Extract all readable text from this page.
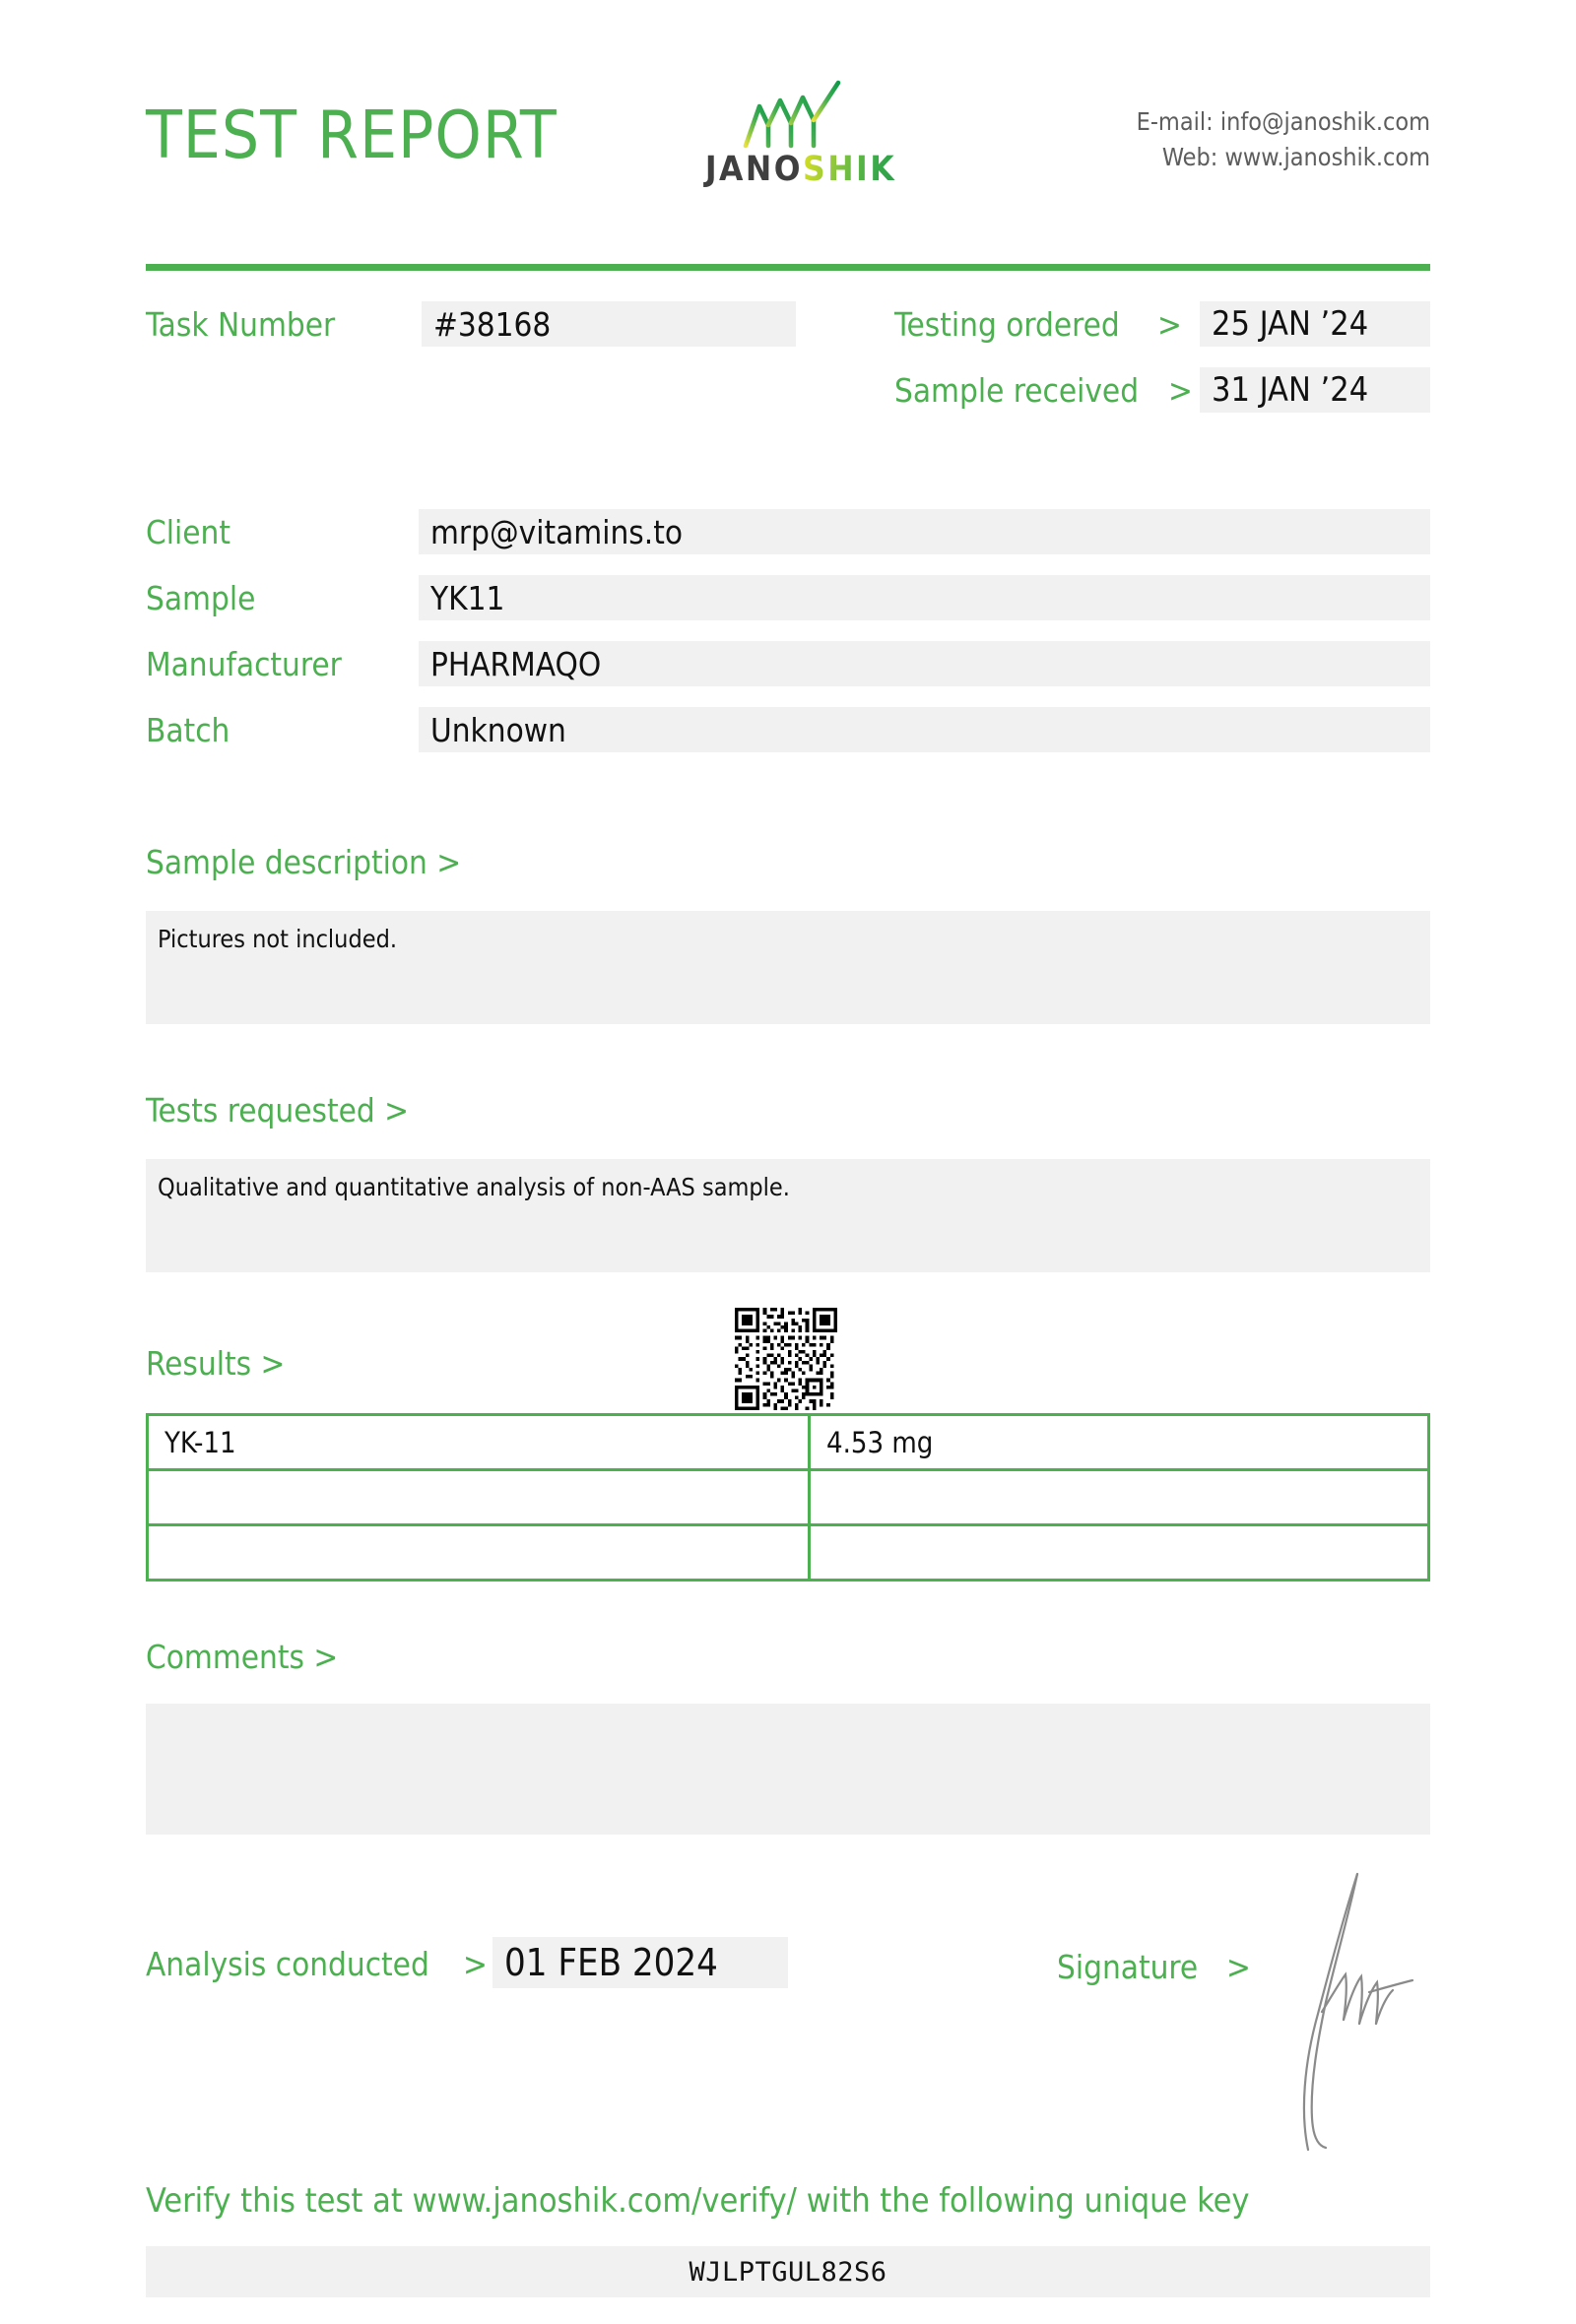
TEST REPORT	JANOSHIK
E-mail: info@janoshik.com
Web: www.janoshik.com
Task Number	#38168	Testing ordered > 25 JAN ’24
Sample received > 31 JAN ’24
Client	mrp@vitamins.to
Sample	YK11
Manufacturer	PHARMAQO
Batch	Unknown
Sample description >
Pictures not included.
Tests requested >
Qualitative and quantitative analysis of non-AAS sample.
Results >
YK-11	4.53 mg

Comments >
Analysis conducted > 01 FEB 2024	Signature >
Verify this test at www.janoshik.com/verify/ with the following unique key
WJLPTGUL82S6
